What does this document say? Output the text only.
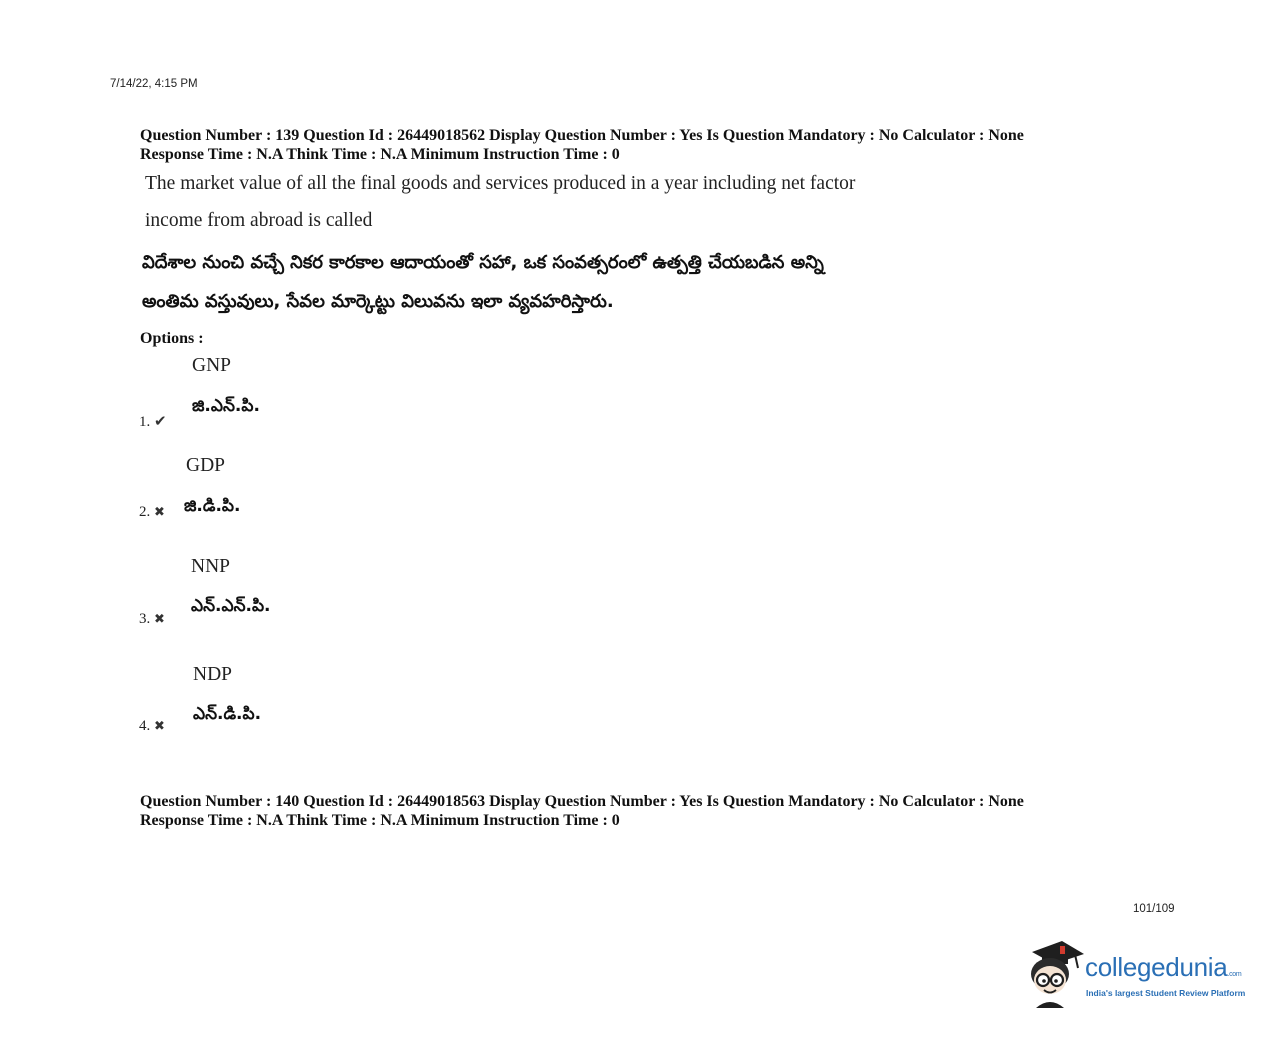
7/14/22, 4:15 PM
Question Number : 139 Question Id : 26449018562 Display Question Number : Yes Is Question Mandatory : No Calculator : None
Response Time : N.A Think Time : N.A Minimum Instruction Time : 0
The market value of all the final goods and services produced in a year including net factor
income from abroad is called
విదేశాల నుంచి వచ్చే నికర కారకాల ఆదాయంతో సహా, ఒక సంవత్సరంలో ఉత్పత్తి చేయబడిన అన్ని
అంతిమ వస్తువులు, సేవల మార్కెట్టు విలువను ఇలా వ్యవహరిస్తారు.
Options :
GNP
జి.ఎన్.పి.
1. ✔
GDP
2. ✖ జి.డి.పి.
NNP
ఎన్.ఎన్.పి.
3. ✖
NDP
ఎన్.డి.పి.
4. ✖
Question Number : 140 Question Id : 26449018563 Display Question Number : Yes Is Question Mandatory : No Calculator : None
Response Time : N.A Think Time : N.A Minimum Instruction Time : 0
101/109
collegedunia.com
India's largest Student Review Platform
